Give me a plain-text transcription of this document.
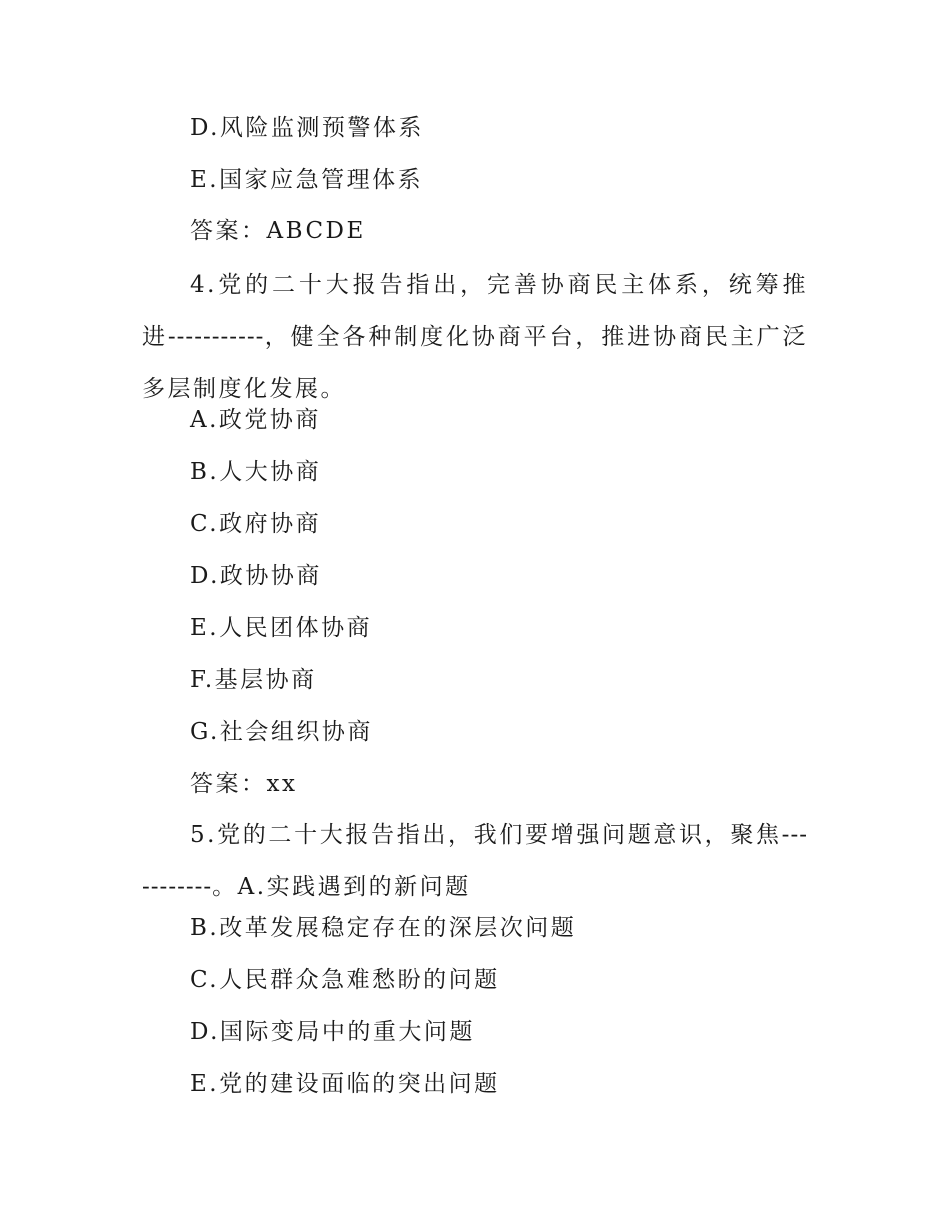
D.风险监测预警体系
E.国家应急管理体系
答案：ABCDE
4.党的二十大报告指出，完善协商民主体系，统筹推进-----------，健全各种制度化协商平台，推进协商民主广泛多层制度化发展。
A.政党协商
B.人大协商
C.政府协商
D.政协协商
E.人民团体协商
F.基层协商
G.社会组织协商
答案：xx
5.党的二十大报告指出，我们要增强问题意识，聚焦-----------。A.实践遇到的新问题
B.改革发展稳定存在的深层次问题
C.人民群众急难愁盼的问题
D.国际变局中的重大问题
E.党的建设面临的突出问题
